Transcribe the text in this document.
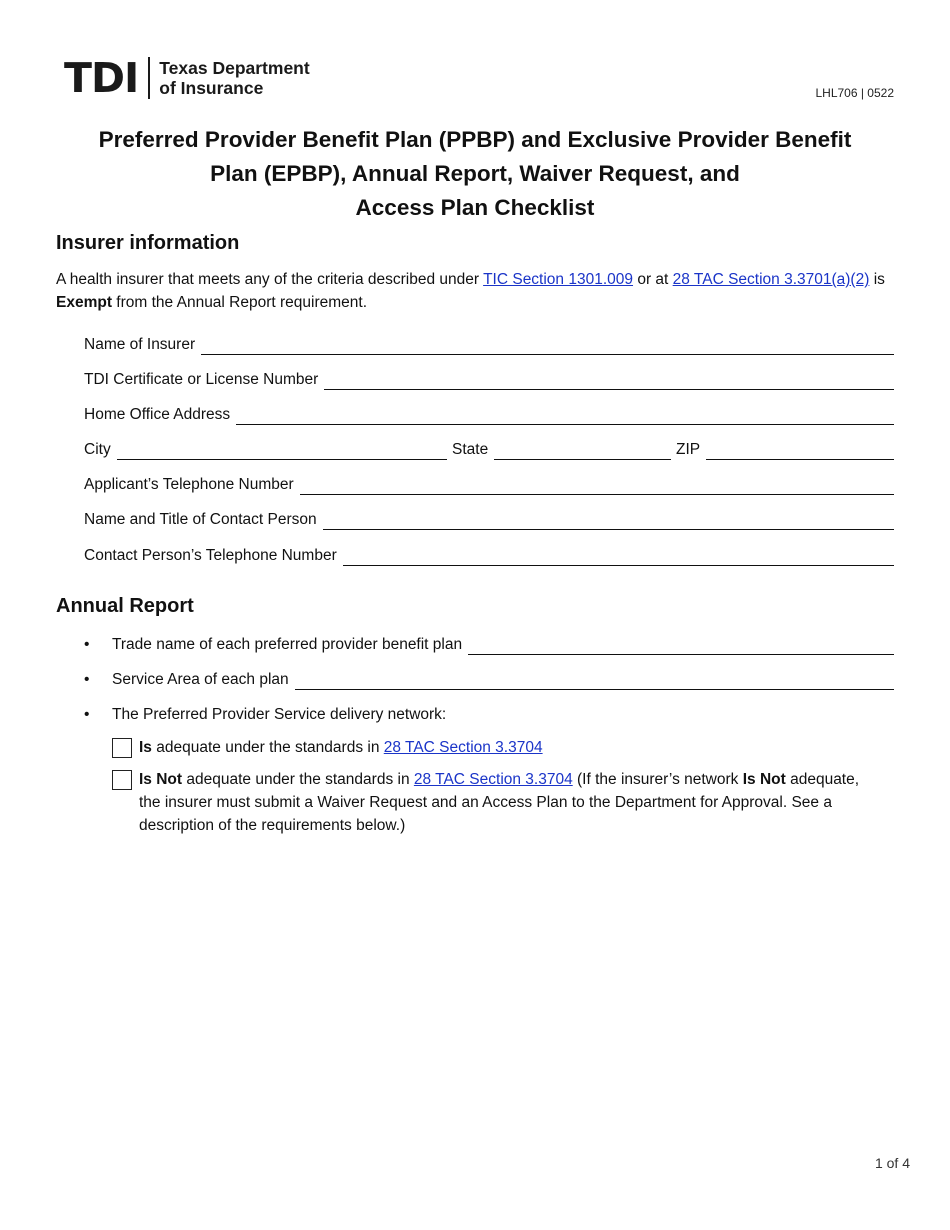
TDI Texas Department
of Insurance	LHL706 | 0522
Preferred Provider Benefit Plan (PPBP) and Exclusive Provider Benefit
Plan (EPBP), Annual Report, Waiver Request, and
Access Plan Checklist
Insurer information
A health insurer that meets any of the criteria described under TIC Section 1301.009 or at 28 TAC Section 3.3701(a)(2) is Exempt from the Annual Report requirement.
Name of Insurer
TDI Certificate or License Number
Home Office Address
City	State	ZIP
Applicant’s Telephone Number
Name and Title of Contact Person
Contact Person’s Telephone Number
Annual Report
•	Trade name of each preferred provider benefit plan
•	Service Area of each plan
•	The Preferred Provider Service delivery network:
Is adequate under the standards in 28 TAC Section 3.3704
Is Not adequate under the standards in 28 TAC Section 3.3704 (If the insurer’s network Is Not adequate, the insurer must submit a Waiver Request and an Access Plan to the Department for Approval. See a description of the requirements below.)
1 of 4
